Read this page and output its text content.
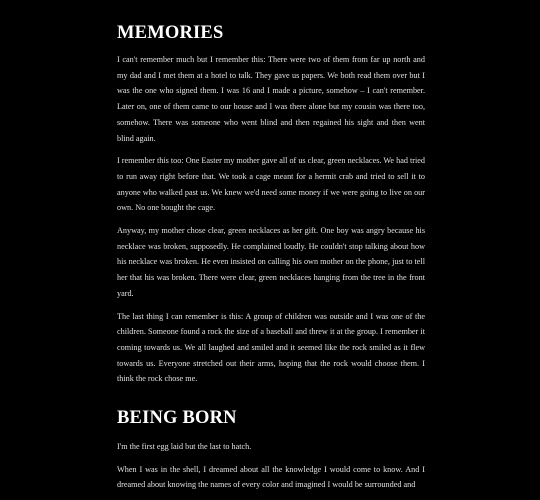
MEMORIES

I can't remember much but I remember this: There were two of them from far up north and my dad and I met them at a hotel to talk. They gave us papers. We both read them over but I was the one who signed them. I was 16 and I made a picture, somehow – I can't remember. Later on, one of them came to our house and I was there alone but my cousin was there too, somehow. There was someone who went blind and then regained his sight and then went blind again.

I remember this too: One Easter my mother gave all of us clear, green necklaces. We had tried to run away right before that. We took a cage meant for a hermit crab and tried to sell it to anyone who walked past us. We knew we'd need some money if we were going to live on our own. No one bought the cage.

Anyway, my mother chose clear, green necklaces as her gift. One boy was angry because his necklace was broken, supposedly. He complained loudly. He couldn't stop talking about how his necklace was broken. He even insisted on calling his own mother on the phone, just to tell her that his was broken. There were clear, green necklaces hanging from the tree in the front yard.

The last thing I can remember is this: A group of children was outside and I was one of the children. Someone found a rock the size of a baseball and threw it at the group. I remember it coming towards us. We all laughed and smiled and it seemed like the rock smiled as it flew towards us. Everyone stretched out their arms, hoping that the rock would choose them. I think the rock chose me.

BEING BORN

I'm the first egg laid but the last to hatch.

When I was in the shell, I dreamed about all the knowledge I would come to know. And I dreamed about knowing the names of every color and imagined I would be surrounded and
